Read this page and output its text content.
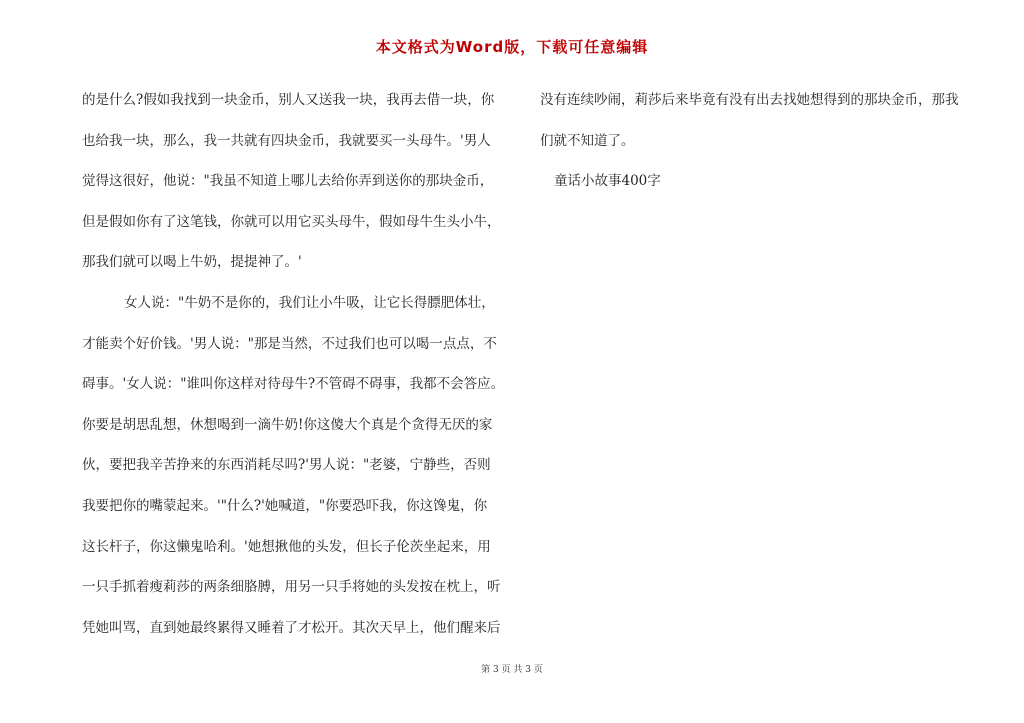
本文格式为Word版，下载可任意编辑
的是什么?假如我找到一块金币，别人又送我一块，我再去借一块，你
也给我一块，那么，我一共就有四块金币，我就要买一头母牛。'男人
觉得这很好，他说："我虽不知道上哪儿去给你弄到送你的那块金币，
但是假如你有了这笔钱，你就可以用它买头母牛，假如母牛生头小牛，
那我们就可以喝上牛奶，提提神了。'
女人说："牛奶不是你的，我们让小牛吸，让它长得膘肥体壮，
才能卖个好价钱。'男人说："那是当然，不过我们也可以喝一点点，不
碍事。'女人说："谁叫你这样对待母牛?不管碍不碍事，我都不会答应。
你要是胡思乱想，休想喝到一滴牛奶!你这傻大个真是个贪得无厌的家
伙，要把我辛苦挣来的东西消耗尽吗?'男人说："老婆，宁静些，否则
我要把你的嘴蒙起来。'"什么?'她喊道，"你要恐吓我，你这馋鬼，你
这长杆子，你这懒鬼哈利。'她想揪他的头发，但长子伦茨坐起来，用
一只手抓着瘦莉莎的两条细胳膊，用另一只手将她的头发按在枕上，听
凭她叫骂，直到她最终累得又睡着了才松开。其次天早上，他们醒来后
没有连续吵闹，莉莎后来毕竟有没有出去找她想得到的那块金币，那我
们就不知道了。
童话小故事400字
第 3 页 共 3 页
